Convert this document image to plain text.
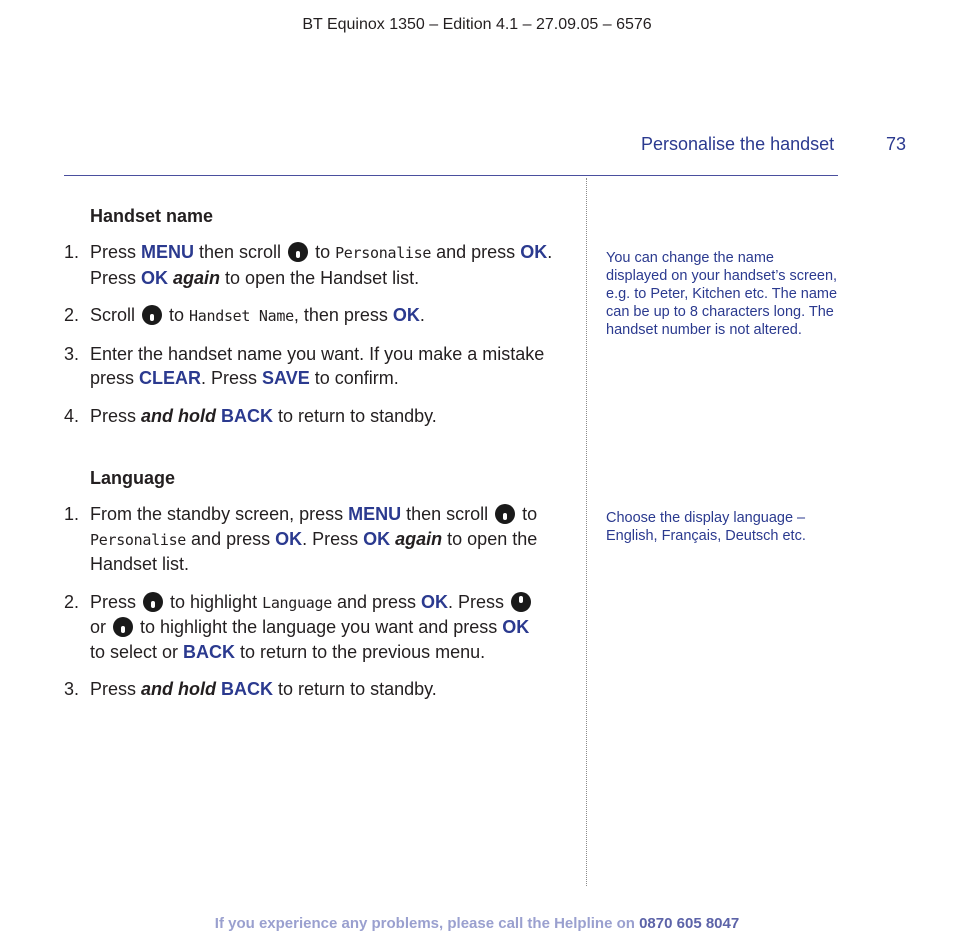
BT Equinox 1350 – Edition 4.1 – 27.09.05 – 6576
Personalise the handset	73
Handset name
1. Press MENU then scroll  to Personalise and press OK. Press OK again to open the Handset list.
2. Scroll  to Handset Name, then press OK.
3. Enter the handset name you want. If you make a mistake press CLEAR. Press SAVE to confirm.
4. Press and hold BACK to return to standby.
Language
1. From the standby screen, press MENU then scroll  to
Personalise and press OK. Press OK again to open the Handset list.
2. Press  to highlight Language and press OK. Press
or  to highlight the language you want and press OK
to select or BACK to return to the previous menu.
3. Press and hold BACK to return to standby.
You can change the name displayed on your handset’s screen, e.g. to Peter, Kitchen etc. The name can be up to 8 characters long. The handset number is not altered.
Choose the display language – English, Français, Deutsch etc.
If you experience any problems, please call the Helpline on 0870 605 8047
